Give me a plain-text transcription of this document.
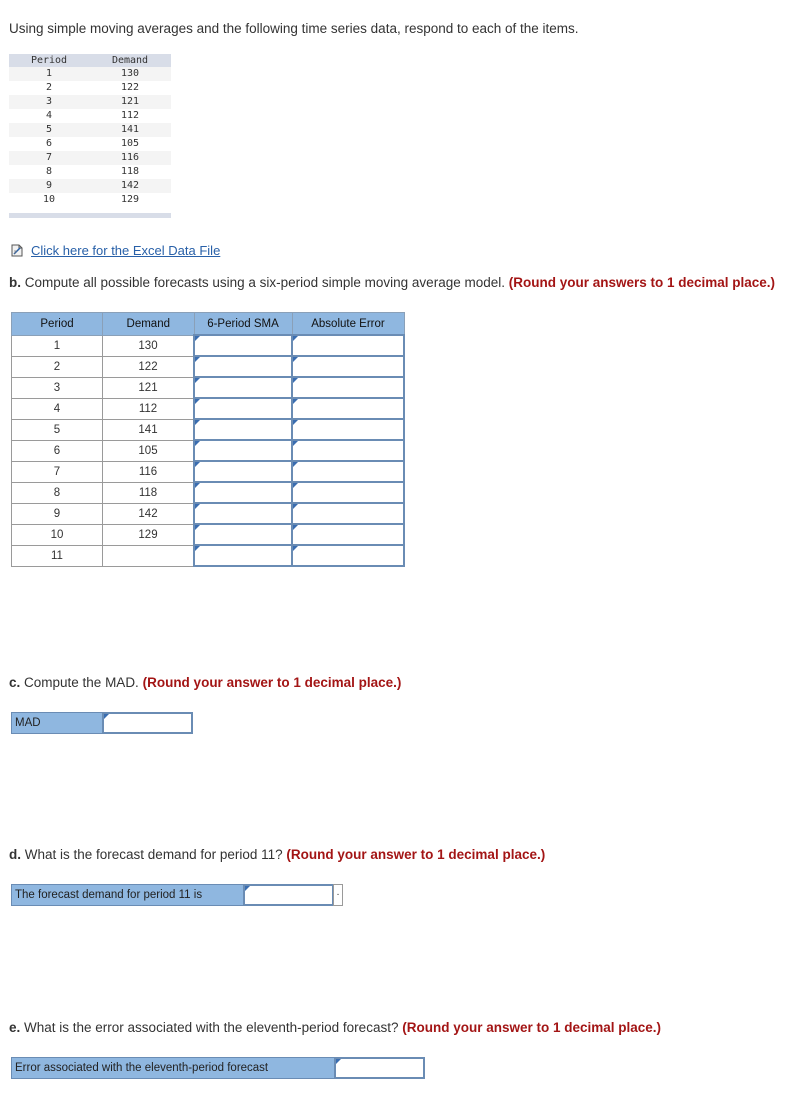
Using simple moving averages and the following time series data, respond to each of the items.
Period	Demand
1	130
2	122
3	121
4	112
5	141
6	105
7	116
8	118
9	142
10	129
Click here for the Excel Data File
b. Compute all possible forecasts using a six-period simple moving average model. (Round your answers to 1 decimal place.)
Period	Demand	6-Period SMA	Absolute Error
1	130		
2	122		
3	121		
4	112		
5	141		
6	105		
7	116		
8	118		
9	142		
10	129		
11			
c. Compute the MAD. (Round your answer to 1 decimal place.)
MAD
d. What is the forecast demand for period 11? (Round your answer to 1 decimal place.)
The forecast demand for period 11 is	.
e. What is the error associated with the eleventh-period forecast? (Round your answer to 1 decimal place.)
Error associated with the eleventh-period forecast
